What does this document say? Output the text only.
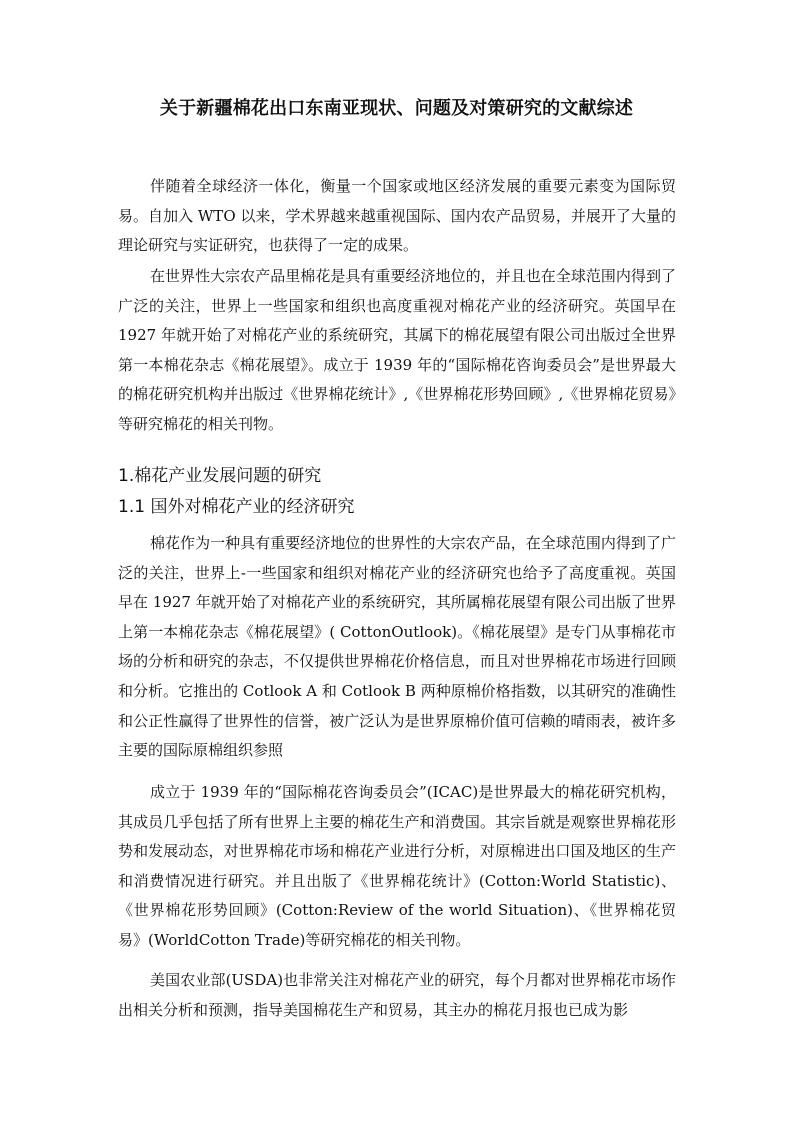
关于新疆棉花出口东南亚现状、问题及对策研究的文献综述

伴随着全球经济一体化，衡量一个国家或地区经济发展的重要元素变为国际贸易。自加入 WTO 以来，学术界越来越重视国际、国内农产品贸易，并展开了大量的理论研究与实证研究，也获得了一定的成果。

在世界性大宗农产品里棉花是具有重要经济地位的，并且也在全球范围内得到了广泛的关注，世界上一些国家和组织也高度重视对棉花产业的经济研究。英国早在 1927 年就开始了对棉花产业的系统研究，其属下的棉花展望有限公司出版过全世界第一本棉花杂志《棉花展望》。成立于 1939 年的“国际棉花咨询委员会”是世界最大的棉花研究机构并出版过《世界棉花统计》,《世界棉花形势回顾》,《世界棉花贸易》等研究棉花的相关刊物。

1.棉花产业发展问题的研究
1.1 国外对棉花产业的经济研究

棉花作为一种具有重要经济地位的世界性的大宗农产品，在全球范围内得到了广泛的关注，世界上-一些国家和组织对棉花产业的经济研究也给予了高度重视。英国早在 1927 年就开始了对棉花产业的系统研究，其所属棉花展望有限公司出版了世界上第一本棉花杂志《棉花展望》( CottonOutlook)。《棉花展望》是专门从事棉花市场的分析和研究的杂志，不仅提供世界棉花价格信息，而且对世界棉花市场进行回顾和分析。它推出的 Cotlook A 和 Cotlook B 两种原棉价格指数，以其研究的准确性和公正性赢得了世界性的信誉，被广泛认为是世界原棉价值可信赖的晴雨表，被许多主要的国际原棉组织参照

成立于 1939 年的“国际棉花咨询委员会”(ICAC)是世界最大的棉花研究机构，其成员几乎包括了所有世界上主要的棉花生产和消费国。其宗旨就是观察世界棉花形势和发展动态，对世界棉花市场和棉花产业进行分析，对原棉进出口国及地区的生产和消费情况进行研究。并且出版了《世界棉花统计》(Cotton:World Statistic)、《世界棉花形势回顾》(Cotton:Review of the world Situation)、《世界棉花贸易》(WorldCotton Trade)等研究棉花的相关刊物。

美国农业部(USDA)也非常关注对棉花产业的研究，每个月都对世界棉花市场作出相关分析和预测，指导美国棉花生产和贸易，其主办的棉花月报也已成为影
